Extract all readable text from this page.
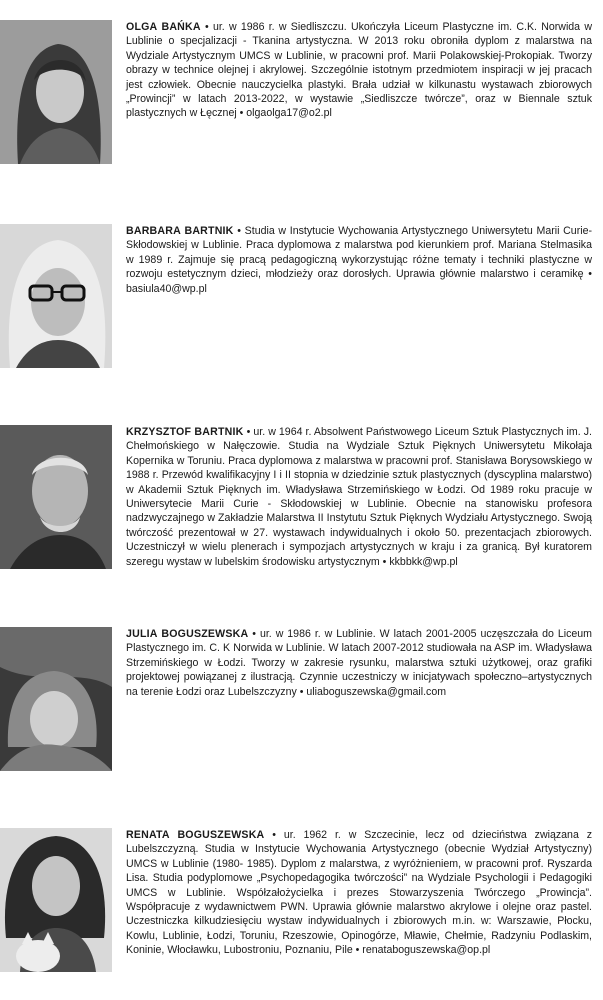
OLGA BAŃKA • ur. w 1986 r. w Siedliszczu. Ukończyła Liceum Plastyczne im. C.K. Norwida w Lublinie o specjalizacji - Tkanina artystyczna. W 2013 roku obroniła dyplom z malarstwa na Wydziale Artystycznym UMCS w Lublinie, w pracowni prof. Marii Polakowskiej-Prokopiak. Tworzy obrazy w technice olejnej i akrylowej. Szczególnie istotnym przedmiotem inspiracji w jej pracach jest człowiek. Obecnie nauczycielka plastyki. Brała udział w kilkunastu wystawach zbiorowych „Prowincji” w latach 2013-2022, w wystawie „Siedliszcze twórcze”, oraz w Biennale sztuk plastycznych w Łęcznej • olgaolga17@o2.pl

BARBARA BARTNIK • Studia w Instytucie Wychowania Artystycznego Uniwersytetu Marii Curie-Skłodowskiej w Lublinie. Praca dyplomowa z malarstwa pod kierunkiem prof. Mariana Stelmasika w 1989 r. Zajmuje się pracą pedagogiczną wykorzystując różne tematy i techniki plastyczne w rozwoju estetycznym dzieci, młodzieży oraz dorosłych. Uprawia głównie malarstwo i ceramikę • basiula40@wp.pl

KRZYSZTOF BARTNIK • ur. w 1964 r. Absolwent Państwowego Liceum Sztuk Plastycznych im. J. Chełmońskiego w Nałęczowie. Studia na Wydziale Sztuk Pięknych Uniwersytetu Mikołaja Kopernika w Toruniu. Praca dyplomowa z malarstwa w pracowni prof. Stanisława Borysowskiego w 1988 r. Przewód kwalifikacyjny I i II stopnia w dziedzinie sztuk plastycznych (dyscyplina malarstwo) w Akademii Sztuk Pięknych im. Władysława Strzemińskiego w Łodzi. Od 1989 roku pracuje w Uniwersytecie Marii Curie - Skłodowskiej w Lublinie. Obecnie na stanowisku profesora nadzwyczajnego w Zakładzie Malarstwa II Instytutu Sztuk Pięknych Wydziału Artystycznego. Swoją twórczość prezentował w 27. wystawach indywidualnych i około 50. prezentacjach zbiorowych. Uczestniczył w wielu plenerach i sympozjach artystycznych w kraju i za granicą. Był kuratorem szeregu wystaw w lubelskim środowisku artystycznym • kkbbkk@wp.pl

JULIA BOGUSZEWSKA • ur. w 1986 r. w Lublinie. W latach 2001-2005 uczęszczała do Liceum Plastycznego im. C. K Norwida w Lublinie. W latach 2007-2012 studiowała na ASP im. Władysława Strzemińskiego w Łodzi. Tworzy w zakresie rysunku, malarstwa sztuki użytkowej, oraz grafiki projektowej powiązanej z ilustracją. Czynnie uczestniczy w inicjatywach społeczno–artystycznych na terenie Łodzi oraz Lubelszczyzny • uliaboguszewska@gmail.com

RENATA BOGUSZEWSKA • ur. 1962 r. w Szczecinie, lecz od dzieciństwa związana z Lubelszczyzną. Studia w Instytucie Wychowania Artystycznego (obecnie Wydział Artystyczny) UMCS w Lublinie (1980- 1985). Dyplom z malarstwa, z wyróżnieniem, w pracowni prof. Ryszarda Lisa. Studia podyplomowe „Psychopedagogika twórczości” na Wydziale Psychologii i Pedagogiki UMCS w Lublinie. Współzałożycielka i prezes Stowarzyszenia Twórczego „Prowincja”. Współpracuje z wydawnictwem PWN. Uprawia głównie malarstwo akrylowe i olejne oraz pastel. Uczestniczka kilkudziesięciu wystaw indywidualnych i zbiorowych m.in. w: Warszawie, Płocku, Kowlu, Lublinie, Łodzi, Toruniu, Rzeszowie, Opinogórze, Mławie, Chełmie, Radzyniu Podlaskim, Koninie, Włocławku, Lubostroniu, Poznaniu, Pile • renataboguszewska@op.pl
